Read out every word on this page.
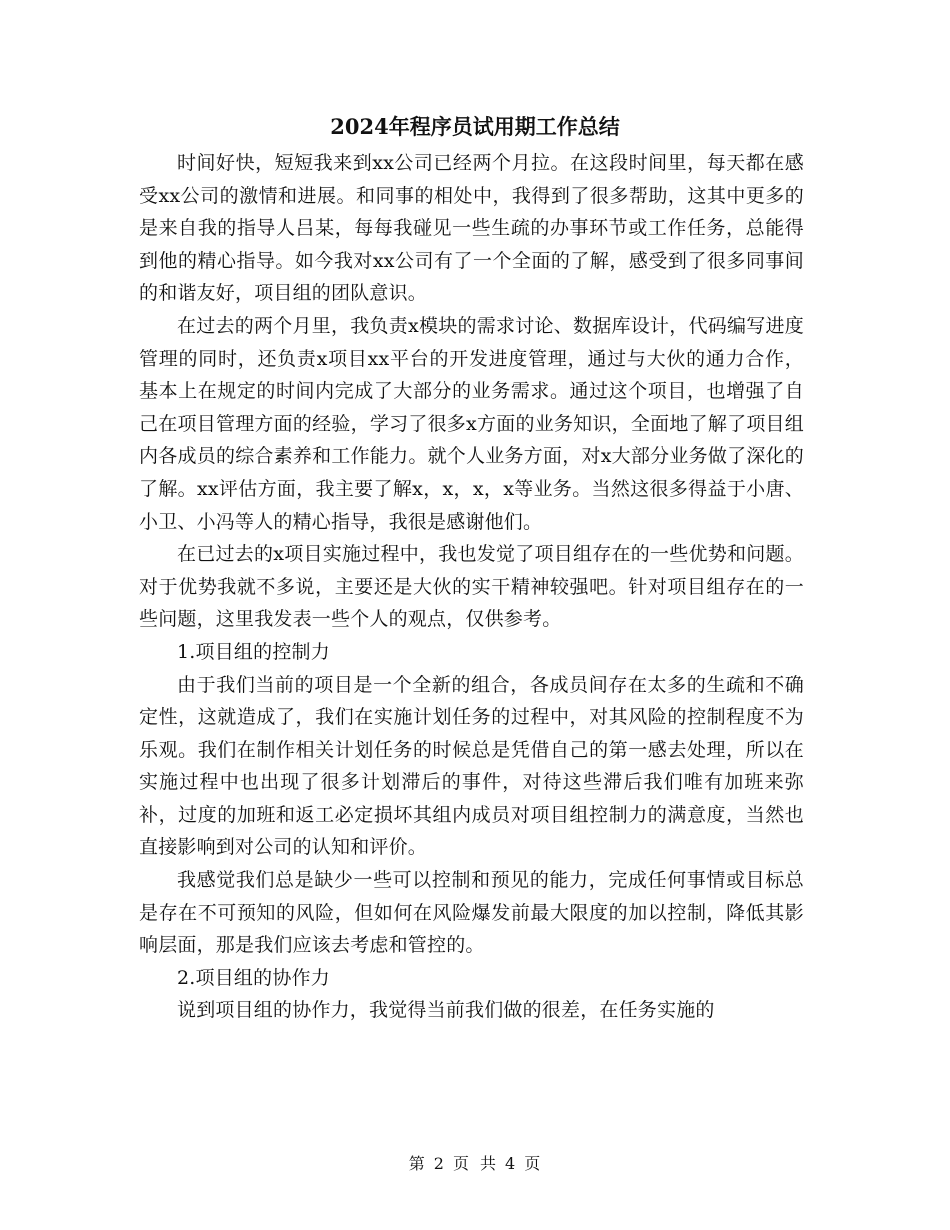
2024年程序员试用期工作总结

时间好快，短短我来到xx公司已经两个月拉。在这段时间里，每天都在感受xx公司的激情和进展。和同事的相处中，我得到了很多帮助，这其中更多的是来自我的指导人吕某，每每我碰见一些生疏的办事环节或工作任务，总能得到他的精心指导。如今我对xx公司有了一个全面的了解，感受到了很多同事间的和谐友好，项目组的团队意识。

在过去的两个月里，我负责x模块的需求讨论、数据库设计，代码编写进度管理的同时，还负责x项目xx平台的开发进度管理，通过与大伙的通力合作，基本上在规定的时间内完成了大部分的业务需求。通过这个项目，也增强了自己在项目管理方面的经验，学习了很多x方面的业务知识，全面地了解了项目组内各成员的综合素养和工作能力。就个人业务方面，对x大部分业务做了深化的了解。xx评估方面，我主要了解x，x，x，x等业务。当然这很多得益于小唐、小卫、小冯等人的精心指导，我很是感谢他们。

在已过去的x项目实施过程中，我也发觉了项目组存在的一些优势和问题。对于优势我就不多说，主要还是大伙的实干精神较强吧。针对项目组存在的一些问题，这里我发表一些个人的观点，仅供参考。

1.项目组的控制力

由于我们当前的项目是一个全新的组合，各成员间存在太多的生疏和不确定性，这就造成了，我们在实施计划任务的过程中，对其风险的控制程度不为乐观。我们在制作相关计划任务的时候总是凭借自己的第一感去处理，所以在实施过程中也出现了很多计划滞后的事件，对待这些滞后我们唯有加班来弥补，过度的加班和返工必定损坏其组内成员对项目组控制力的满意度，当然也直接影响到对公司的认知和评价。

我感觉我们总是缺少一些可以控制和预见的能力，完成任何事情或目标总是存在不可预知的风险，但如何在风险爆发前最大限度的加以控制，降低其影响层面，那是我们应该去考虑和管控的。

2.项目组的协作力

说到项目组的协作力，我觉得当前我们做的很差，在任务实施的

第 2 页 共 4 页
